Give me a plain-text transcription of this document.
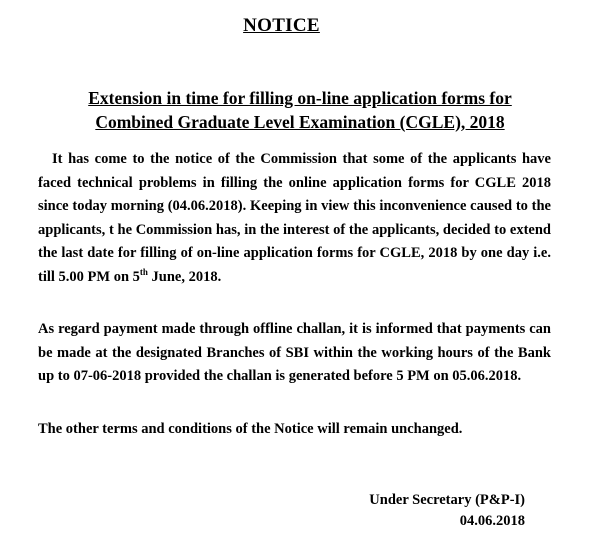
NOTICE
Extension in time for filling on-line application forms for
Combined Graduate Level Examination (CGLE), 2018

It has come to the notice of the Commission that some of the applicants have faced technical problems in filling the online application forms for CGLE 2018 since today morning (04.06.2018). Keeping in view this inconvenience caused to the applicants, t he Commission has, in the interest of the applicants, decided to extend the last date for filling of on-line application forms for CGLE, 2018 by one day i.e. till 5.00 PM on 5th June, 2018.

As regard payment made through offline challan, it is informed that payments can be made at the designated Branches of SBI within the working hours of the Bank up to 07-06-2018 provided the challan is generated before 5 PM on 05.06.2018.

The other terms and conditions of the Notice will remain unchanged.

Under Secretary (P&P-I)
04.06.2018
